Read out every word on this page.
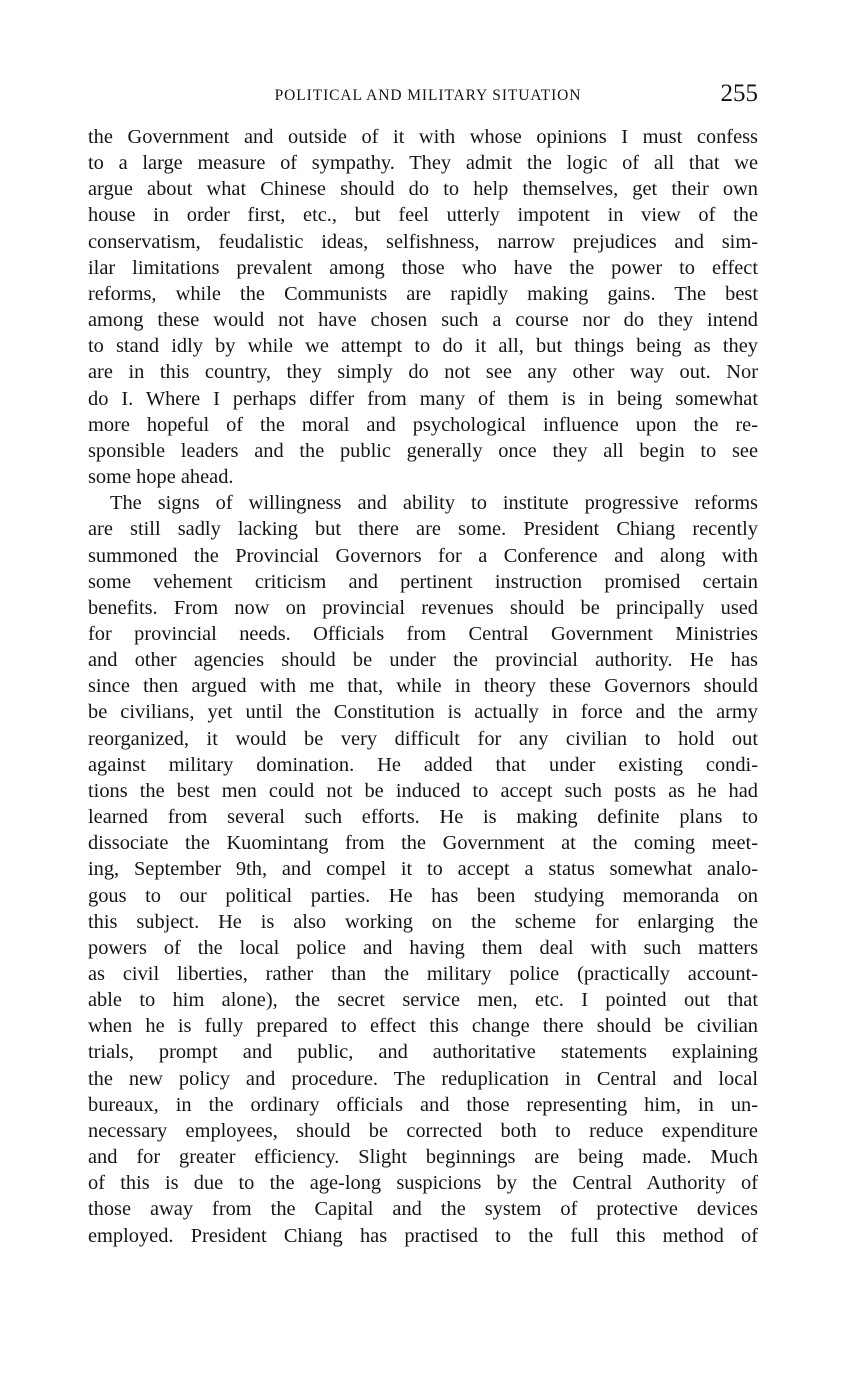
POLITICAL AND MILITARY SITUATION	255
the Government and outside of it with whose opinions I must confess
to a large measure of sympathy. They admit the logic of all that we
argue about what Chinese should do to help themselves, get their own
house in order first, etc., but feel utterly impotent in view of the
conservatism, feudalistic ideas, selfishness, narrow prejudices and sim-
ilar limitations prevalent among those who have the power to effect
reforms, while the Communists are rapidly making gains. The best
among these would not have chosen such a course nor do they intend
to stand idly by while we attempt to do it all, but things being as they
are in this country, they simply do not see any other way out. Nor
do I. Where I perhaps differ from many of them is in being somewhat
more hopeful of the moral and psychological influence upon the re-
sponsible leaders and the public generally once they all begin to see
some hope ahead.
The signs of willingness and ability to institute progressive reforms
are still sadly lacking but there are some. President Chiang recently
summoned the Provincial Governors for a Conference and along with
some vehement criticism and pertinent instruction promised certain
benefits. From now on provincial revenues should be principally used
for provincial needs. Officials from Central Government Ministries
and other agencies should be under the provincial authority. He has
since then argued with me that, while in theory these Governors should
be civilians, yet until the Constitution is actually in force and the army
reorganized, it would be very difficult for any civilian to hold out
against military domination. He added that under existing condi-
tions the best men could not be induced to accept such posts as he had
learned from several such efforts. He is making definite plans to
dissociate the Kuomintang from the Government at the coming meet-
ing, September 9th, and compel it to accept a status somewhat analo-
gous to our political parties. He has been studying memoranda on
this subject. He is also working on the scheme for enlarging the
powers of the local police and having them deal with such matters
as civil liberties, rather than the military police (practically account-
able to him alone), the secret service men, etc. I pointed out that
when he is fully prepared to effect this change there should be civilian
trials, prompt and public, and authoritative statements explaining
the new policy and procedure. The reduplication in Central and local
bureaux, in the ordinary officials and those representing him, in un-
necessary employees, should be corrected both to reduce expenditure
and for greater efficiency. Slight beginnings are being made. Much
of this is due to the age-long suspicions by the Central Authority of
those away from the Capital and the system of protective devices
employed. President Chiang has practised to the full this method of
